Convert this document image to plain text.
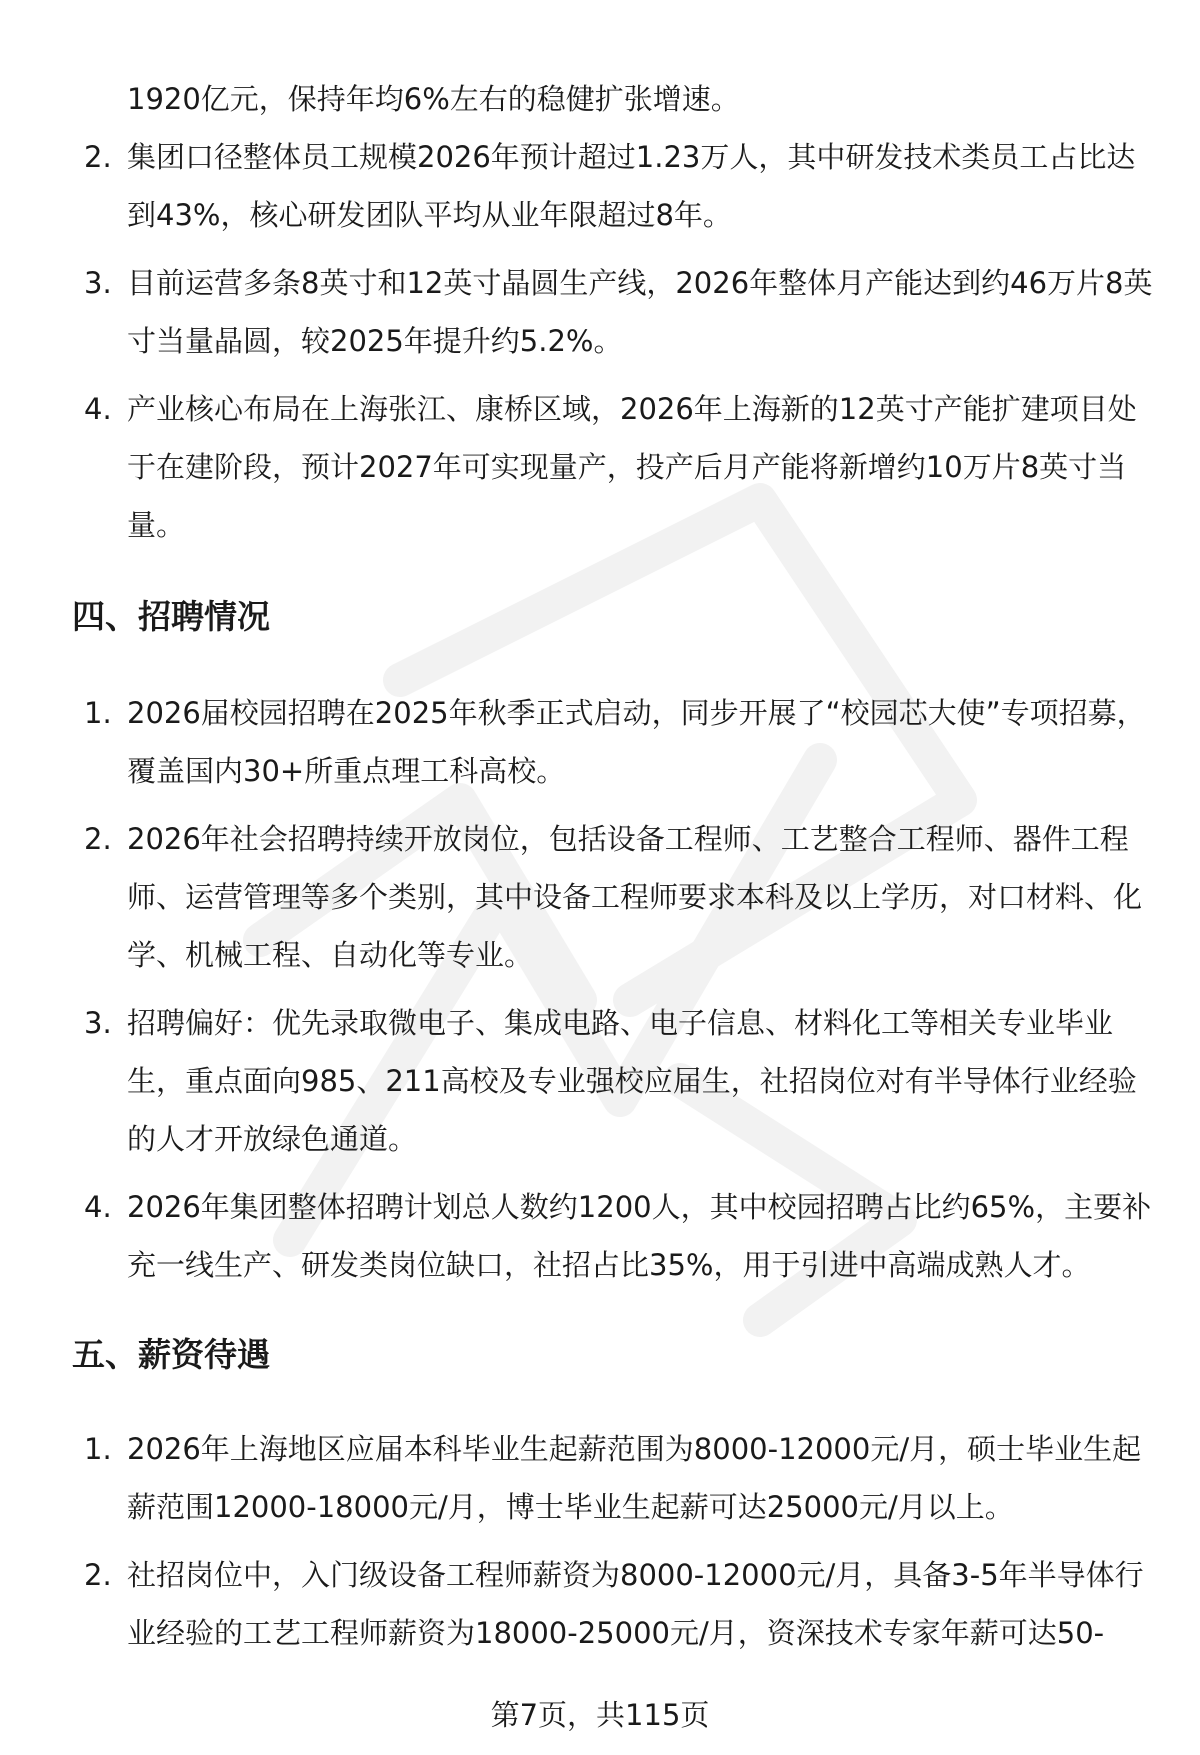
1920亿元，保持年均6%左右的稳健扩张增速。

2. 集团口径整体员工规模2026年预计超过1.23万人，其中研发技术类员工占比达到43%，核心研发团队平均从业年限超过8年。
3. 目前运营多条8英寸和12英寸晶圆生产线，2026年整体月产能达到约46万片8英寸当量晶圆，较2025年提升约5.2%。
4. 产业核心布局在上海张江、康桥区域，2026年上海新的12英寸产能扩建项目处于在建阶段，预计2027年可实现量产，投产后月产能将新增约10万片8英寸当量。
四、招聘情况
1. 2026届校园招聘在2025年秋季正式启动，同步开展了“校园芯大使”专项招募，覆盖国内30+所重点理工科高校。
2. 2026年社会招聘持续开放岗位，包括设备工程师、工艺整合工程师、器件工程师、运营管理等多个类别，其中设备工程师要求本科及以上学历，对口材料、化学、机械工程、自动化等专业。
3. 招聘偏好：优先录取微电子、集成电路、电子信息、材料化工等相关专业毕业生，重点面向985、211高校及专业强校应届生，社招岗位对有半导体行业经验的人才开放绿色通道。
4. 2026年集团整体招聘计划总人数约1200人，其中校园招聘占比约65%，主要补充一线生产、研发类岗位缺口，社招占比35%，用于引进中高端成熟人才。
五、薪资待遇
1. 2026年上海地区应届本科毕业生起薪范围为8000-12000元/月，硕士毕业生起薪范围12000-18000元/月，博士毕业生起薪可达25000元/月以上。
2. 社招岗位中，入门级设备工程师薪资为8000-12000元/月，具备3-5年半导体行业经验的工艺工程师薪资为18000-25000元/月，资深技术专家年薪可达50-
第7页，共115页
